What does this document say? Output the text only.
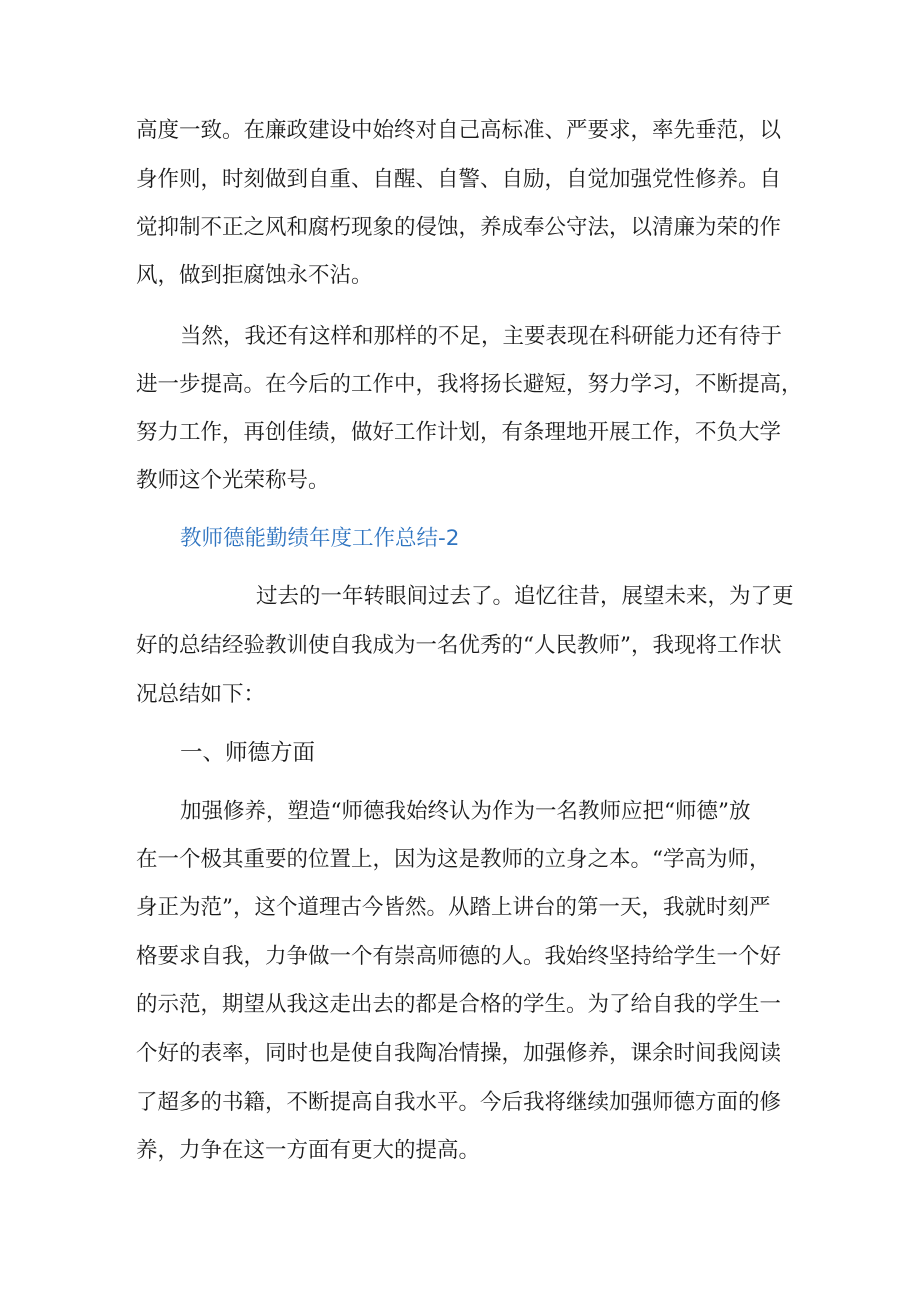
高度一致。在廉政建设中始终对自己高标准、严要求，率先垂范，以
身作则，时刻做到自重、自醒、自警、自励，自觉加强党性修养。自
觉抑制不正之风和腐朽现象的侵蚀，养成奉公守法，以清廉为荣的作
风，做到拒腐蚀永不沾。
当然，我还有这样和那样的不足，主要表现在科研能力还有待于
进一步提高。在今后的工作中，我将扬长避短，努力学习，不断提高，
努力工作，再创佳绩，做好工作计划，有条理地开展工作，不负大学
教师这个光荣称号。
教师德能勤绩年度工作总结-2
过去的一年转眼间过去了。追忆往昔，展望未来，为了更
好的总结经验教训使自我成为一名优秀的“人民教师”，我现将工作状
况总结如下：
一、师德方面
加强修养，塑造“师德我始终认为作为一名教师应把“师德”放
在一个极其重要的位置上，因为这是教师的立身之本。“学高为师，
身正为范”，这个道理古今皆然。从踏上讲台的第一天，我就时刻严
格要求自我，力争做一个有崇高师德的人。我始终坚持给学生一个好
的示范，期望从我这走出去的都是合格的学生。为了给自我的学生一
个好的表率，同时也是使自我陶冶情操，加强修养，课余时间我阅读
了超多的书籍，不断提高自我水平。今后我将继续加强师德方面的修
养，力争在这一方面有更大的提高。
